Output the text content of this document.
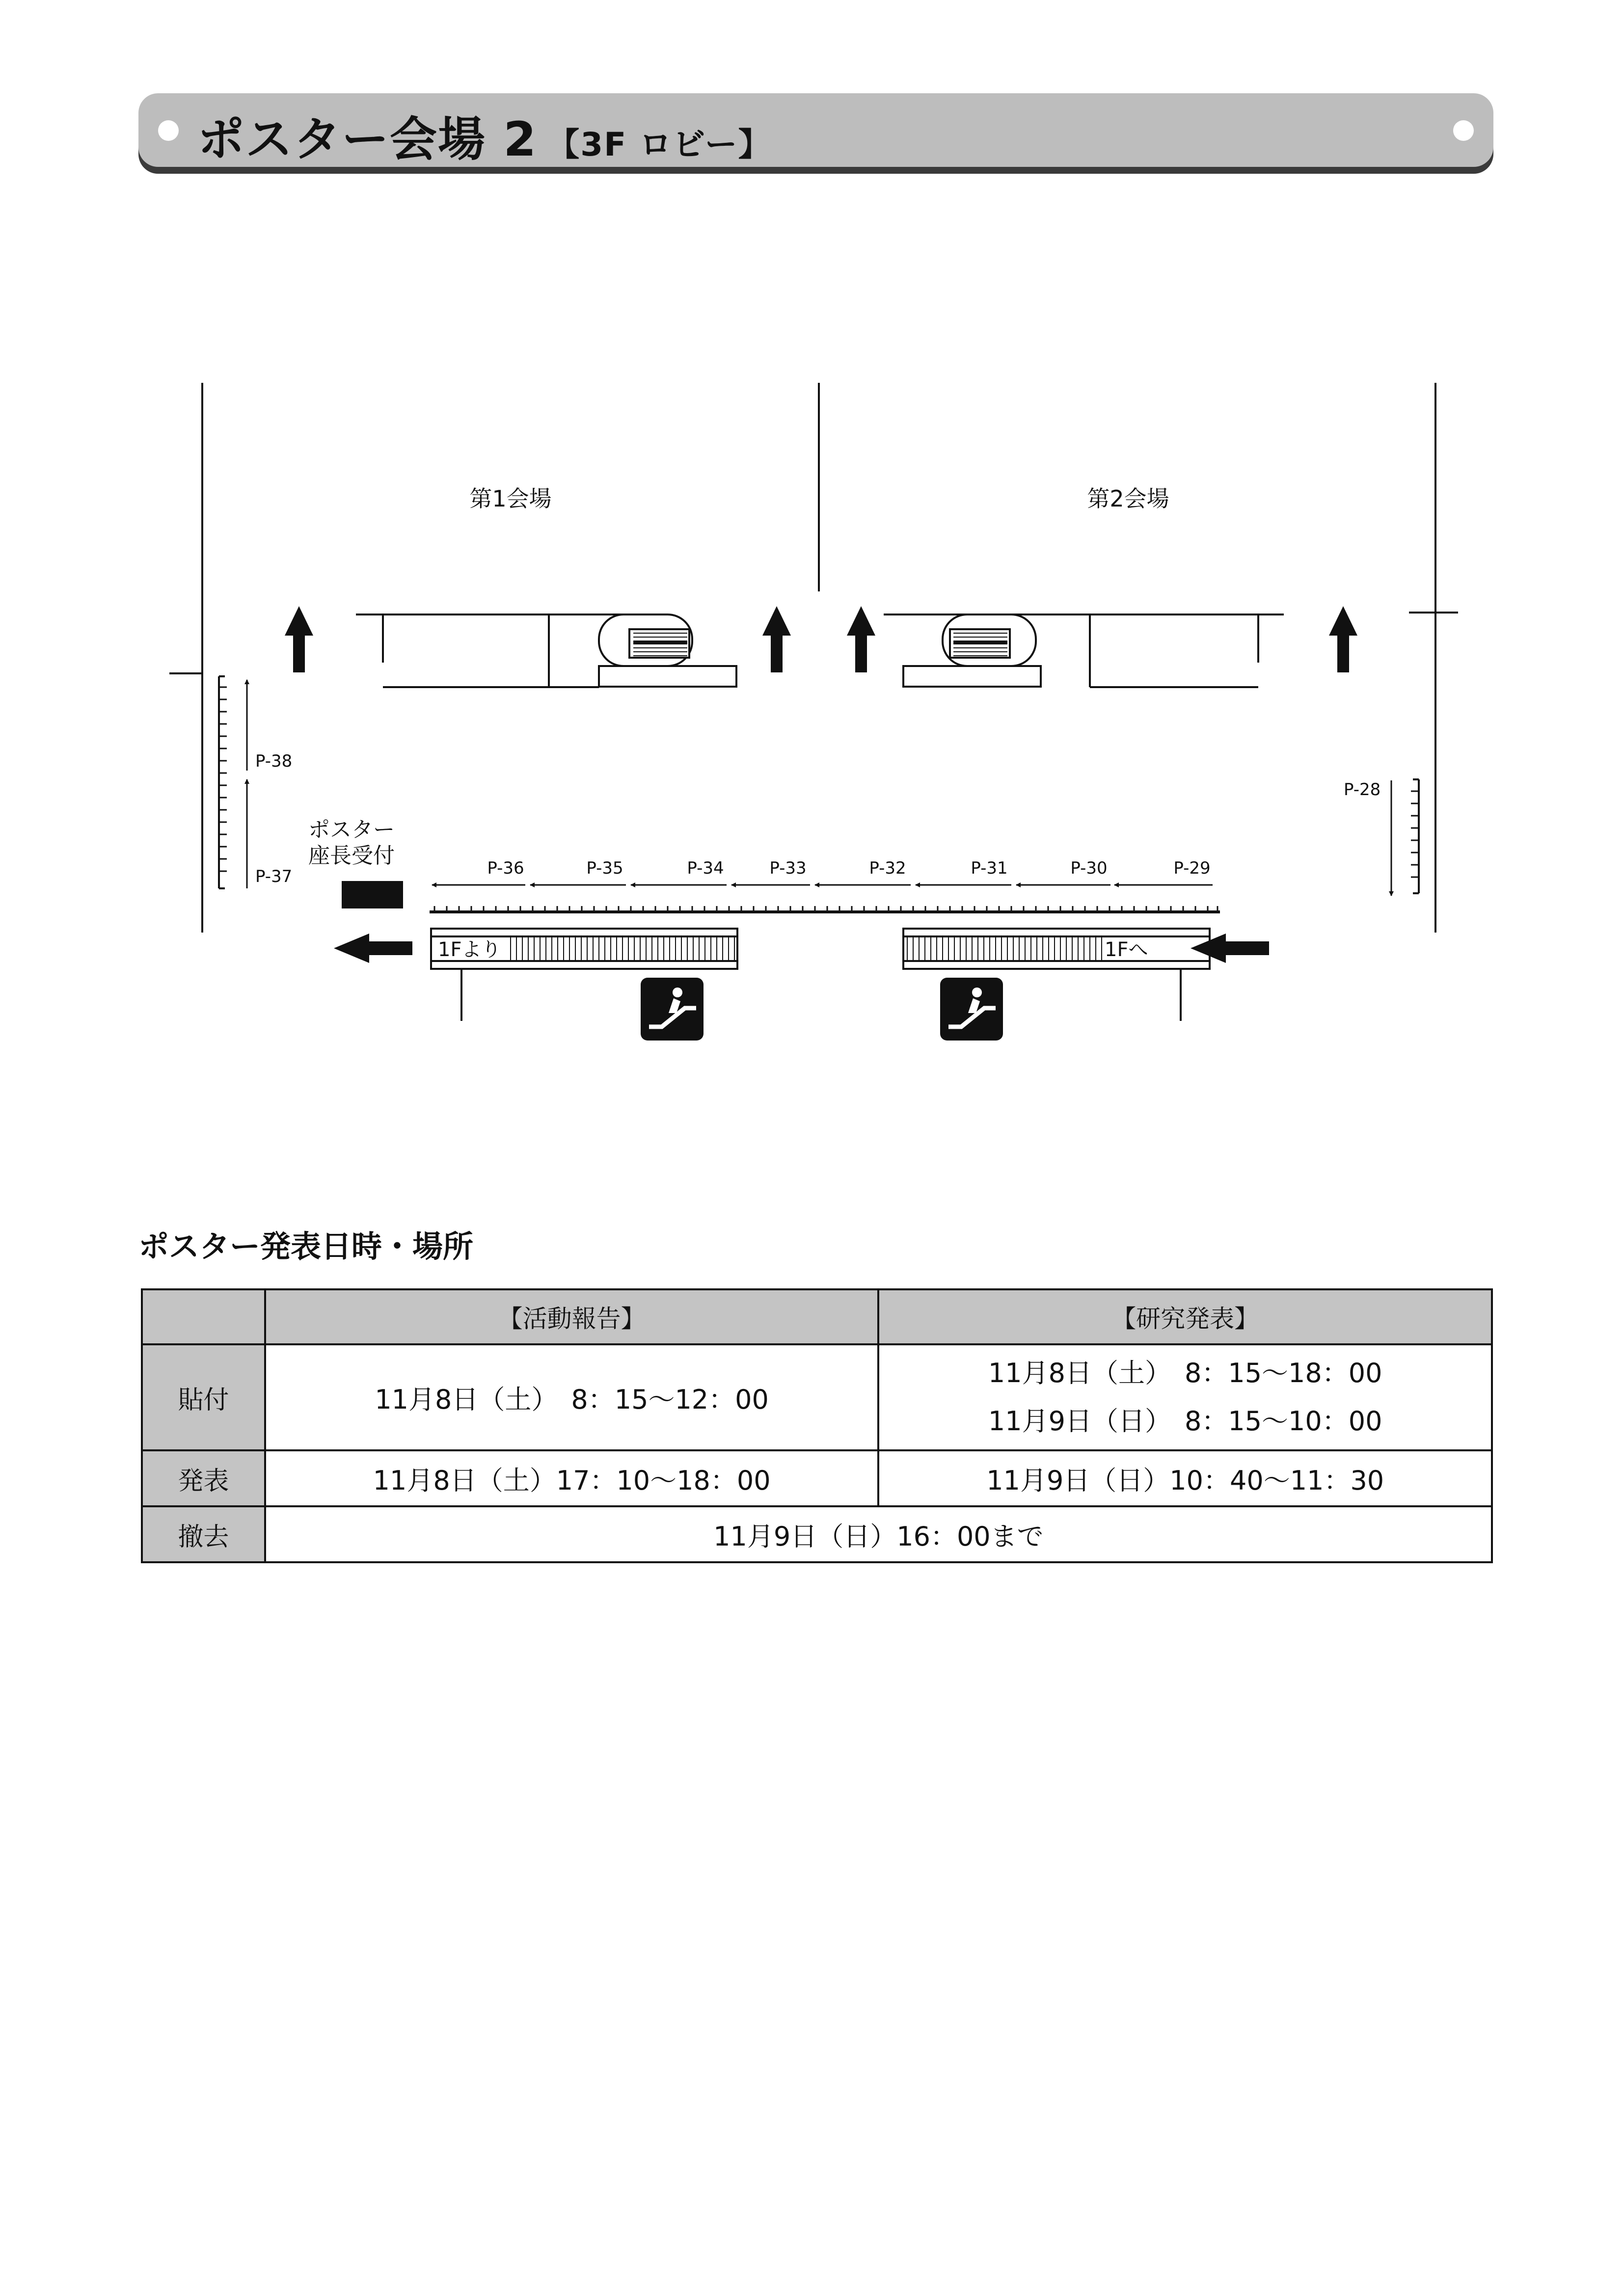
ポスター会場 2 【3F ロビー】
第1会場	第2会場
P-38
P-37
P-28
ポスター
座長受付	P-36	P-35	P-34	P-33	P-32	P-31	P-30	P-29
1Fより	1Fへ
ポスター発表日時・場所
	【活動報告】	【研究発表】
貼付	11月8日（土）　8：15～12：00	11月8日（土）　8：15～18：00
11月9日（日）　8：15～10：00

発表	11月8日（土）17：10～18：00	11月9日（日）10：40～11：30
撤去	11月9日（日）16：00まで	
